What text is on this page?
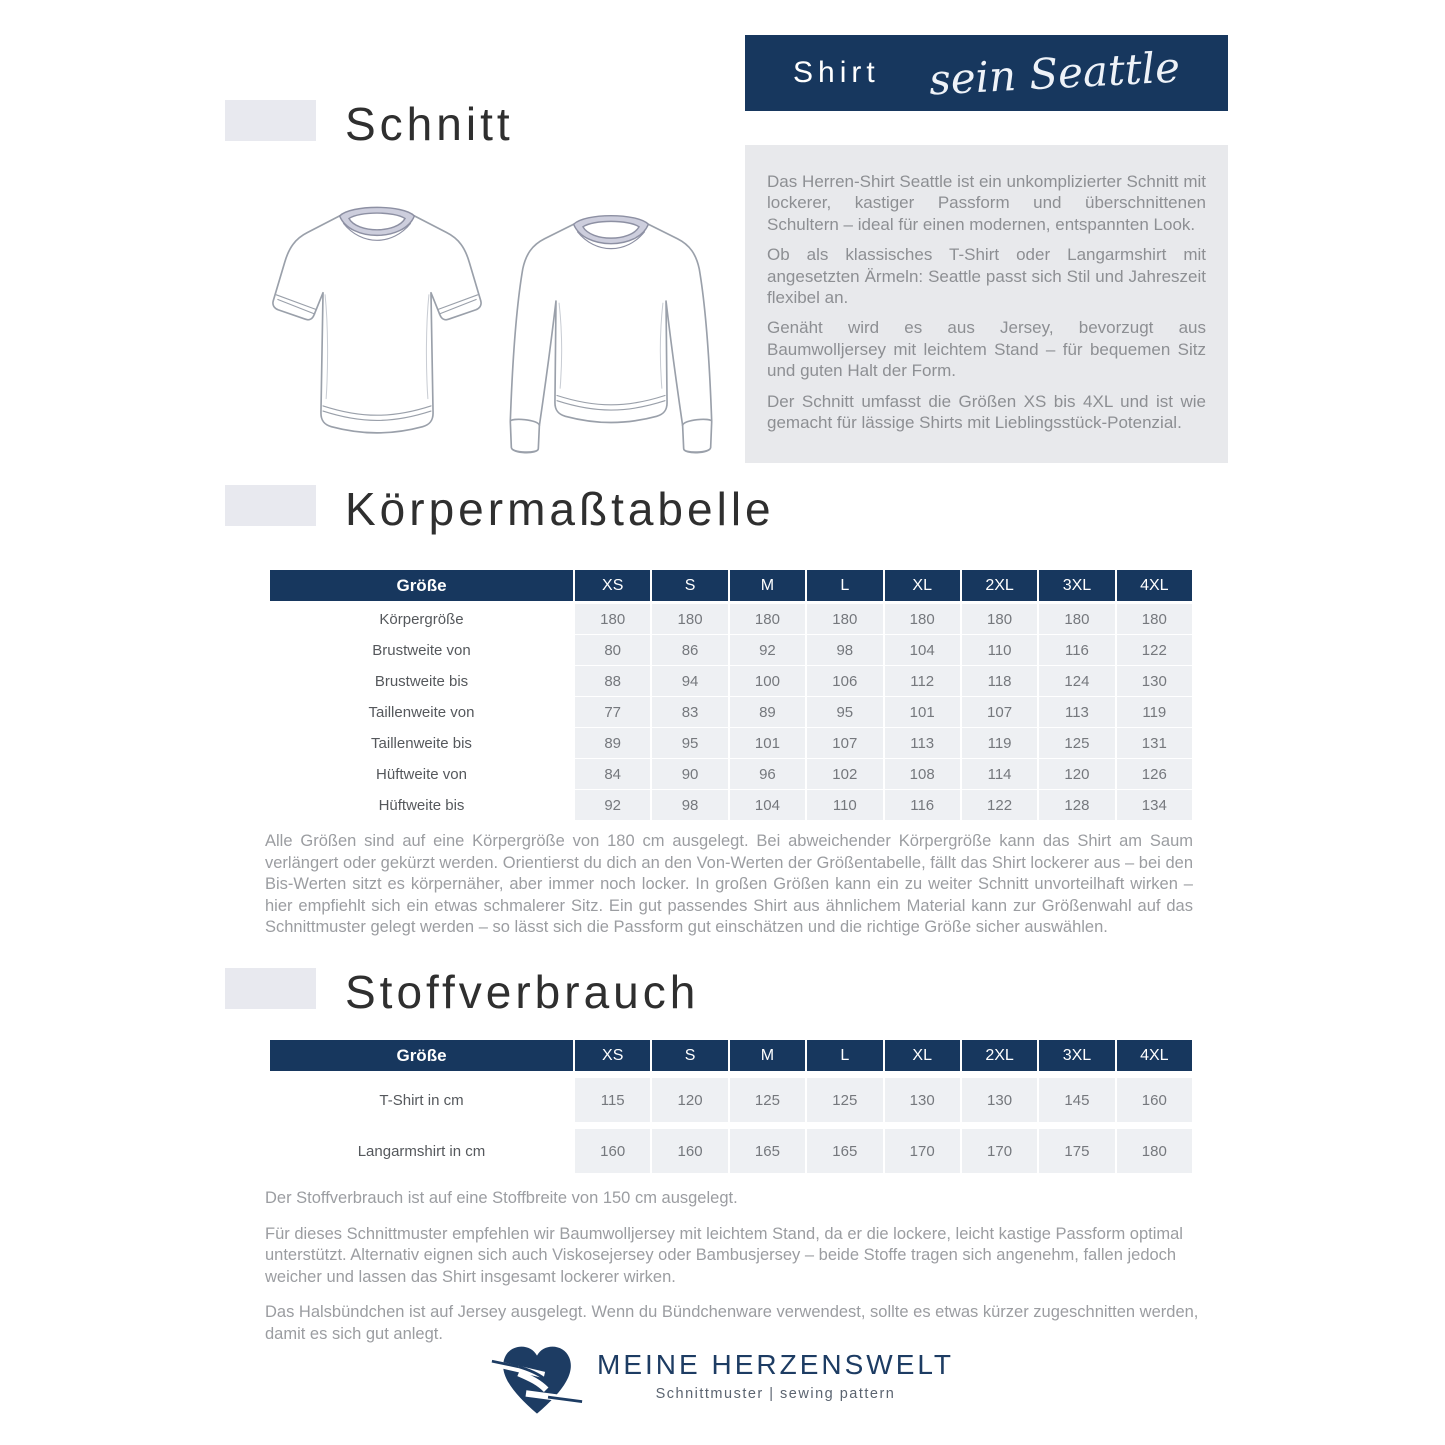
Schnitt
Shirt sein Seattle

Das Herren-Shirt Seattle ist ein unkomplizierter Schnitt mit lockerer, kastiger Passform und überschnittenen Schultern – ideal für einen modernen, entspannten Look.

Ob als klassisches T-Shirt oder Langarmshirt mit angesetzten Ärmeln: Seattle passt sich Stil und Jahreszeit flexibel an.

Genäht wird es aus Jersey, bevorzugt aus Baumwolljersey mit leichtem Stand – für bequemen Sitz und guten Halt der Form.

Der Schnitt umfasst die Größen XS bis 4XL und ist wie gemacht für lässige Shirts mit Lieblingsstück-Potenzial.

Körpermaßtabelle
Größe	XS	S	M	L	XL	2XL	3XL	4XL
Körpergröße	180	180	180	180	180	180	180	180
Brustweite von	80	86	92	98	104	110	116	122
Brustweite bis	88	94	100	106	112	118	124	130
Taillenweite von	77	83	89	95	101	107	113	119
Taillenweite bis	89	95	101	107	113	119	125	131
Hüftweite von	84	90	96	102	108	114	120	126
Hüftweite bis	92	98	104	110	116	122	128	134

Alle Größen sind auf eine Körpergröße von 180 cm ausgelegt. Bei abweichender Körpergröße kann das Shirt am Saum verlängert oder gekürzt werden. Orientierst du dich an den Von-Werten der Größentabelle, fällt das Shirt lockerer aus – bei den Bis-Werten sitzt es körpernäher, aber immer noch locker. In großen Größen kann ein zu weiter Schnitt unvorteilhaft wirken – hier empfiehlt sich ein etwas schmalerer Sitz. Ein gut passendes Shirt aus ähnlichem Material kann zur Größenwahl auf das Schnittmuster gelegt werden – so lässt sich die Passform gut einschätzen und die richtige Größe sicher auswählen.

Stoffverbrauch
Größe	XS	S	M	L	XL	2XL	3XL	4XL
T-Shirt in cm	115	120	125	125	130	130	145	160
Langarmshirt in cm	160	160	165	165	170	170	175	180

Der Stoffverbrauch ist auf eine Stoffbreite von 150 cm ausgelegt.

Für dieses Schnittmuster empfehlen wir Baumwolljersey mit leichtem Stand, da er die lockere, leicht kastige Passform optimal unterstützt. Alternativ eignen sich auch Viskosejersey oder Bambusjersey – beide Stoffe tragen sich angenehm, fallen jedoch weicher und lassen das Shirt insgesamt lockerer wirken.

Das Halsbündchen ist auf Jersey ausgelegt. Wenn du Bündchenware verwendest, sollte es etwas kürzer zugeschnitten werden, damit es sich gut anlegt.

MEINE HERZENSWELT
Schnittmuster | sewing pattern
